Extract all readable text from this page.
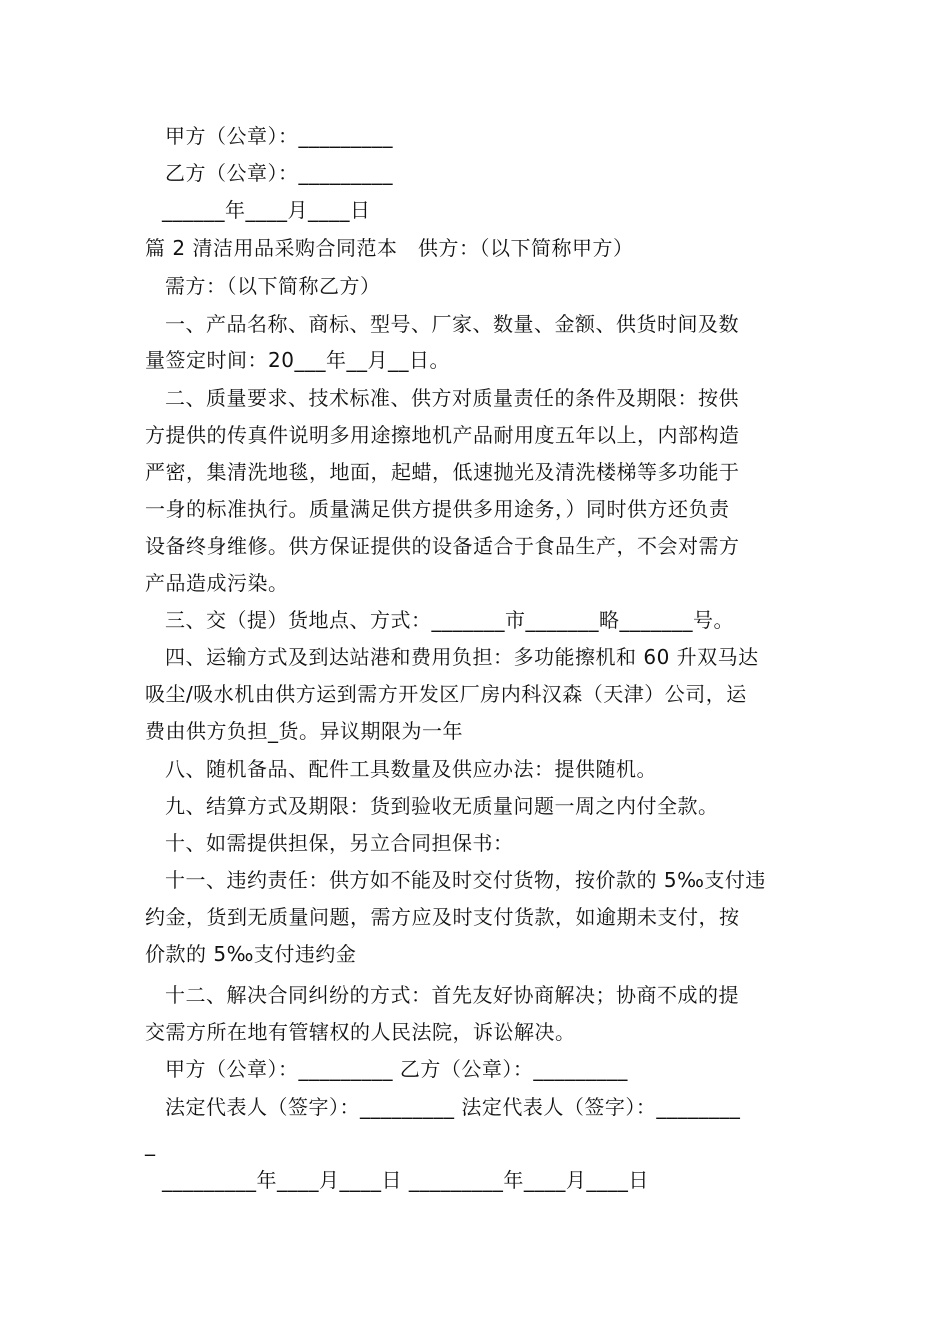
甲方（公章）：_________
乙方（公章）：_________
______年____月____日
篇 2 清洁用品采购合同范本　供方：（以下简称甲方）
需方：（以下简称乙方）
一、产品名称、商标、型号、厂家、数量、金额、供货时间及数
量签定时间：20___年__月__日。
二、质量要求、技术标准、供方对质量责任的条件及期限：按供
方提供的传真件说明多用途擦地机产品耐用度五年以上，内部构造
严密，集清洗地毯，地面，起蜡，低速抛光及清洗楼梯等多功能于
一身的标准执行。质量满足供方提供多用途务，）同时供方还负责
设备终身维修。供方保证提供的设备适合于食品生产，不会对需方
产品造成污染。
三、交（提）货地点、方式：_______市_______略_______号。
四、运输方式及到达站港和费用负担：多功能擦机和 60 升双马达
吸尘/吸水机由供方运到需方开发区厂房内科汉森（天津）公司，运
费由供方负担_货。异议期限为一年
八、随机备品、配件工具数量及供应办法：提供随机。
九、结算方式及期限：货到验收无质量问题一周之内付全款。
十、如需提供担保，另立合同担保书：
十一、违约责任：供方如不能及时交付货物，按价款的 5‰支付违
约金，货到无质量问题，需方应及时支付货款，如逾期未支付，按
价款的 5‰支付违约金
十二、解决合同纠纷的方式：首先友好协商解决；协商不成的提
交需方所在地有管辖权的人民法院，诉讼解决。
甲方（公章）：_________ 乙方（公章）：_________
法定代表人（签字）：_________ 法定代表人（签字）：________
_
_________年____月____日 _________年____月____日
